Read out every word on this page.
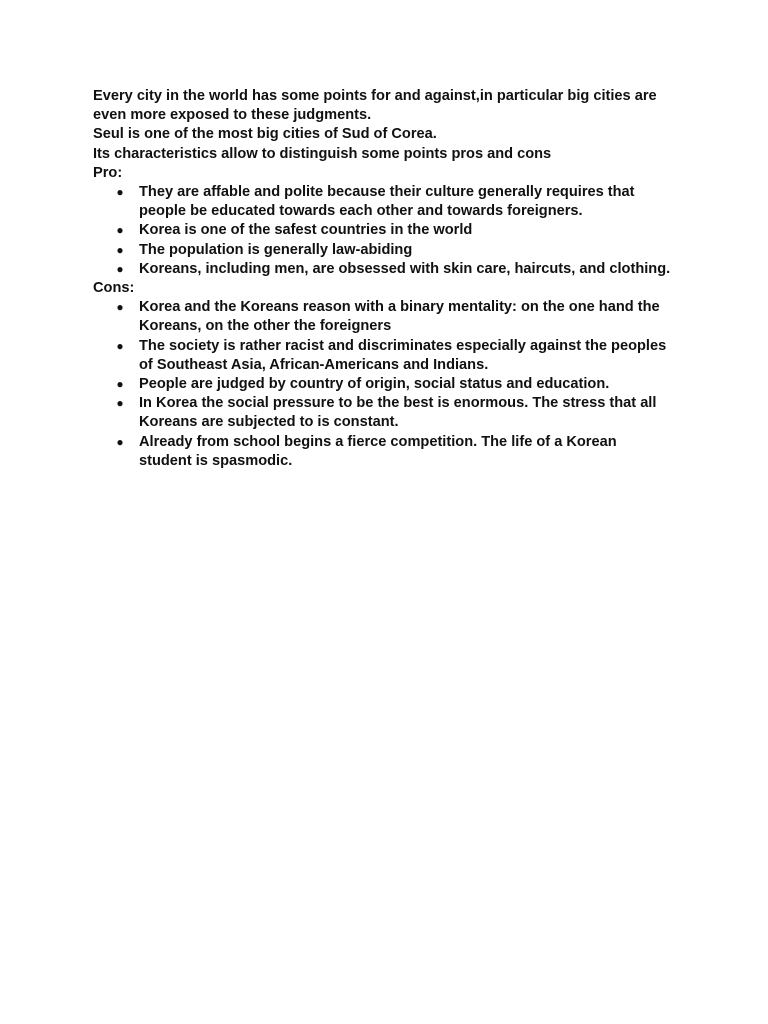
Every city in the world has some points for and against,in particular big cities are even more exposed to these judgments.

Seul is one of the most big cities of Sud of Corea.

Its characteristics allow to distinguish some points pros and cons

Pro:

● They are affable and polite because their culture generally requires that people be educated towards each other and towards foreigners.
● Korea is one of the safest countries in the world
● The population is generally law-abiding
● Koreans, including men, are obsessed with skin care, haircuts, and clothing.

Cons:

● Korea and the Koreans reason with a binary mentality: on the one hand the Koreans, on the other the foreigners
● The society is rather racist and discriminates especially against the peoples of Southeast Asia, African-Americans and Indians.
● People are judged by country of origin, social status and education.
● In Korea the social pressure to be the best is enormous. The stress that all Koreans are subjected to is constant.
● Already from school begins a fierce competition. The life of a Korean student is spasmodic.
